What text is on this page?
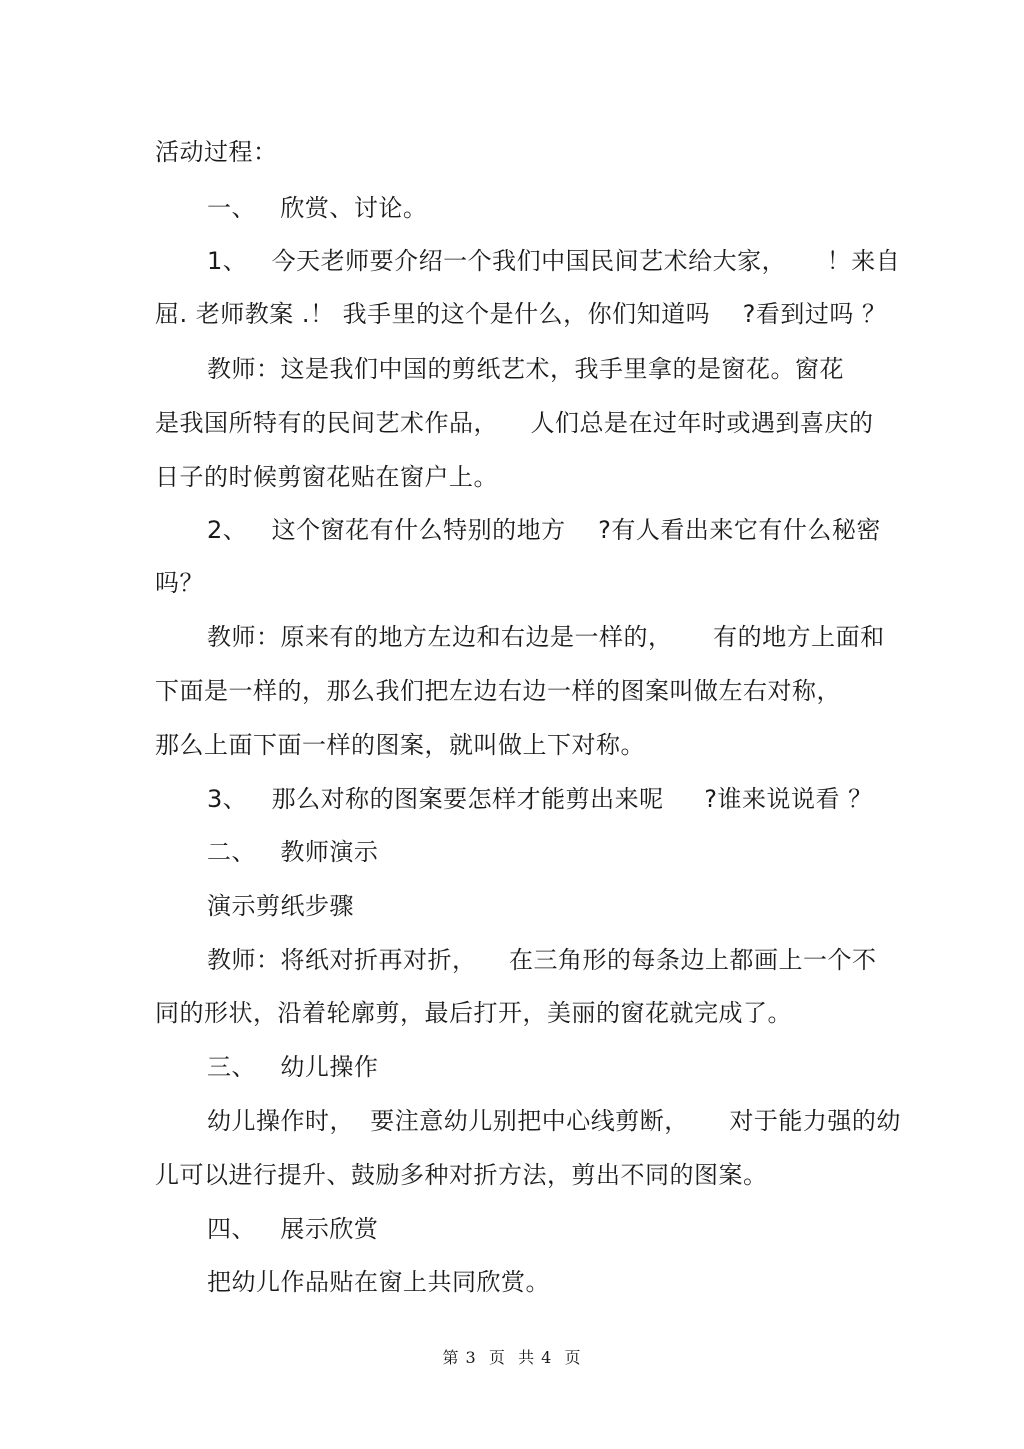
活动过程：
一、   欣赏、讨论。
1、   今天老师要介绍一个我们中国民间艺术给大家，     ！来自
屈. 老师教案 .！ 我手里的这个是什么，你们知道吗    ?看到过吗 ？
教师：这是我们中国的剪纸艺术，我手里拿的是窗花。窗花
是我国所特有的民间艺术作品，    人们总是在过年时或遇到喜庆的
日子的时候剪窗花贴在窗户上。
2、   这个窗花有什么特别的地方    ?有人看出来它有什么秘密
吗？
教师：原来有的地方左边和右边是一样的，     有的地方上面和
下面是一样的，那么我们把左边右边一样的图案叫做左右对称，
那么上面下面一样的图案，就叫做上下对称。
3、   那么对称的图案要怎样才能剪出来呢     ?谁来说说看 ？
二、   教师演示
演示剪纸步骤
教师：将纸对折再对折，    在三角形的每条边上都画上一个不
同的形状，沿着轮廓剪，最后打开，美丽的窗花就完成了。
三、   幼儿操作
幼儿操作时，  要注意幼儿别把中心线剪断，     对于能力强的幼
儿可以进行提升、鼓励多种对折方法，剪出不同的图案。
四、   展示欣赏
把幼儿作品贴在窗上共同欣赏。
第 3  页  共 4  页
